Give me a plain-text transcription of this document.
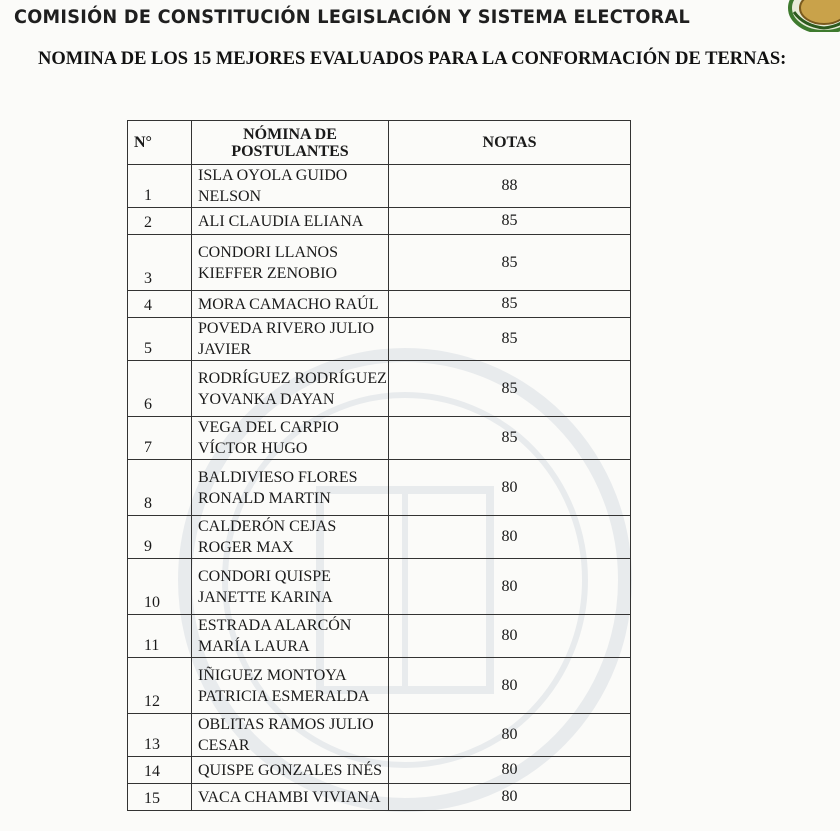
COMISIÓN DE CONSTITUCIÓN LEGISLACIÓN Y SISTEMA ELECTORAL
NOMINA DE LOS 15 MEJORES EVALUADOS PARA LA CONFORMACIÓN DE TERNAS:
N°	NÓMINA DE POSTULANTES	NOTAS
1	ISLA OYOLA GUIDO NELSON	88
2	ALI CLAUDIA ELIANA	85
3	CONDORI LLANOS KIEFFER ZENOBIO	85
4	MORA CAMACHO RAÚL	85
5	POVEDA RIVERO JULIO JAVIER	85
6	RODRÍGUEZ RODRÍGUEZ YOVANKA DAYAN	85
7	VEGA DEL CARPIO VÍCTOR HUGO	85
8	BALDIVIESO FLORES RONALD MARTIN	80
9	CALDERÓN CEJAS ROGER MAX	80
10	CONDORI QUISPE JANETTE KARINA	80
11	ESTRADA ALARCÓN MARÍA LAURA	80
12	IÑIGUEZ MONTOYA PATRICIA ESMERALDA	80
13	OBLITAS RAMOS JULIO CESAR	80
14	QUISPE GONZALES INÉS	80
15	VACA CHAMBI VIVIANA	80
